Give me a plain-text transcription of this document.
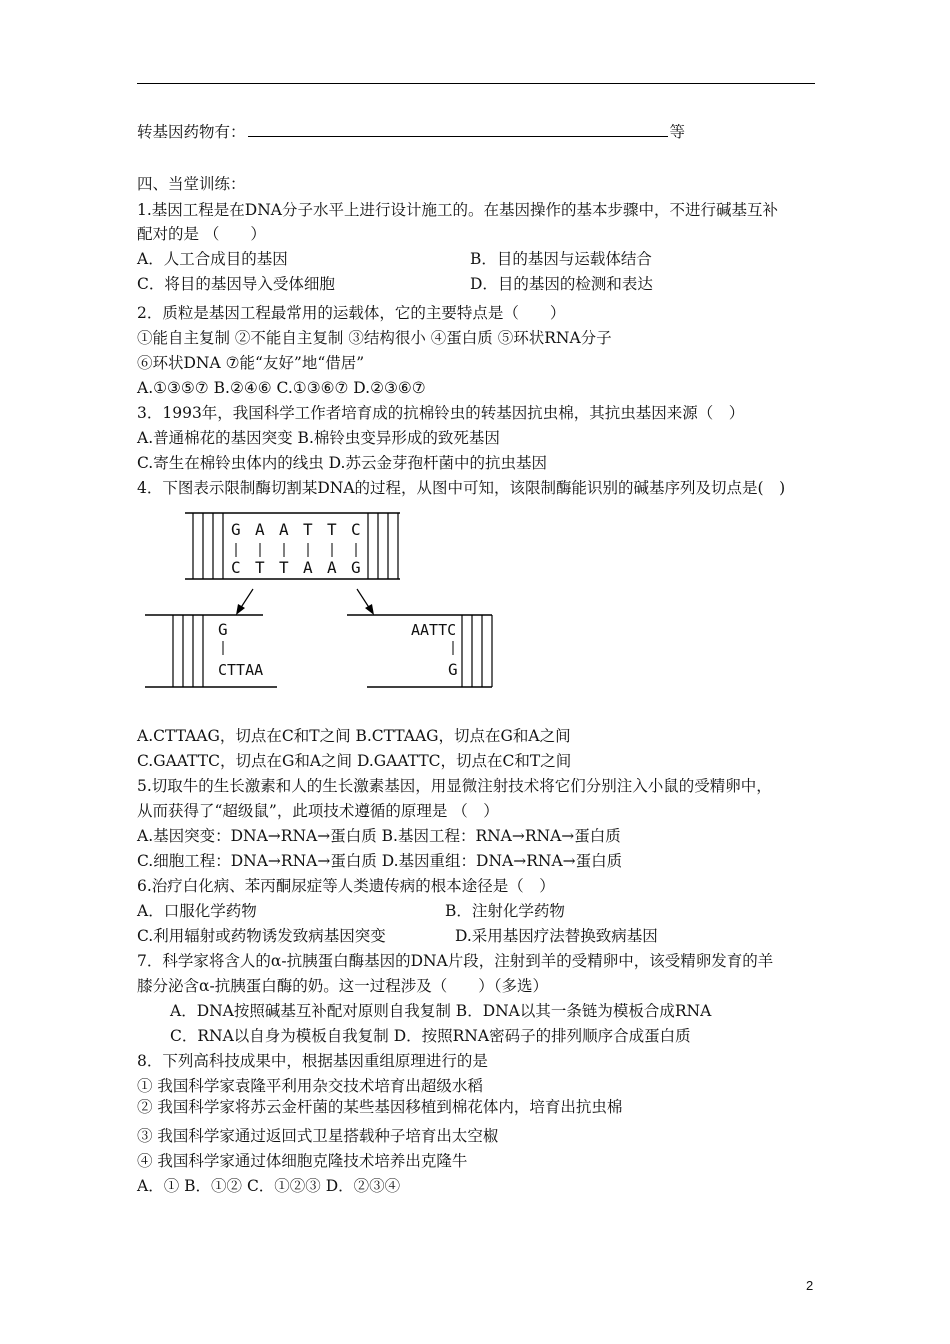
转基因药物有：	等
四、当堂训练：
1.基因工程是在DNA分子水平上进行设计施工的。在基因操作的基本步骤中，不进行碱基互补
配对的是 （　　）
A．人工合成目的基因	B．目的基因与运载体结合
C．将目的基因导入受体细胞	D．目的基因的检测和表达
2．质粒是基因工程最常用的运载体，它的主要特点是（　　）
①能自主复制 ②不能自主复制 ③结构很小 ④蛋白质 ⑤环状RNA分子
⑥环状DNA ⑦能“友好”地“借居”
A.①③⑤⑦ B.②④⑥ C.①③⑥⑦ D.②③⑥⑦
3．1993年，我国科学工作者培育成的抗棉铃虫的转基因抗虫棉，其抗虫基因来源（　）
A.普通棉花的基因突变 B.棉铃虫变异形成的致死基因
C.寄生在棉铃虫体内的线虫 D.苏云金芽孢杆菌中的抗虫基因
4．下图表示限制酶切割某DNA的过程，从图中可知，该限制酶能识别的碱基序列及切点是(　)
G A A T T C
C T T A A G
G
CTTAA
AATTC
G
A.CTTAAG，切点在C和T之间 B.CTTAAG，切点在G和A之间
C.GAATTC，切点在G和A之间 D.GAATTC，切点在C和T之间
5.切取牛的生长激素和人的生长激素基因，用显微注射技术将它们分别注入小鼠的受精卵中，
从而获得了“超级鼠”，此项技术遵循的原理是 （　）
A.基因突变：DNA→RNA→蛋白质 B.基因工程：RNA→RNA→蛋白质
C.细胞工程：DNA→RNA→蛋白质 D.基因重组：DNA→RNA→蛋白质
6.治疗白化病、苯丙酮尿症等人类遗传病的根本途径是（　）
A．口服化学药物	B．注射化学药物
C.利用辐射或药物诱发致病基因突变	D.采用基因疗法替换致病基因
7．科学家将含人的α-抗胰蛋白酶基因的DNA片段，注射到羊的受精卵中，该受精卵发育的羊
膝分泌含α-抗胰蛋白酶的奶。这一过程涉及（　　）（多选）
A．DNA按照碱基互补配对原则自我复制 B．DNA以其一条链为模板合成RNA
C．RNA以自身为模板自我复制 D．按照RNA密码子的排列顺序合成蛋白质
8．下列高科技成果中，根据基因重组原理进行的是
① 我国科学家袁隆平利用杂交技术培育出超级水稻
② 我国科学家将苏云金杆菌的某些基因移植到棉花体内，培育出抗虫棉
③ 我国科学家通过返回式卫星搭载种子培育出太空椒
④ 我国科学家通过体细胞克隆技术培养出克隆牛
A．① B．①② C．①②③ D．②③④
2
